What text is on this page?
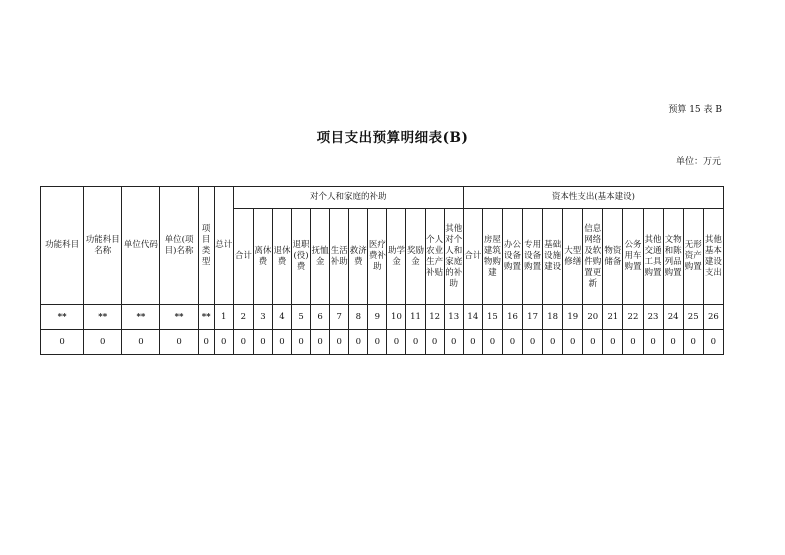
预算 15 表 B
项目支出预算明细表(B)
单位：万元
功能科目	功能科目名称	单位代码	单位(项目)名称	项目类型	总计	对个人和家庭的补助												资本性支出(基本建设)												
						合计	离休费	退休费	退职(役)费	抚恤金	生活补助	救济费	医疗费补助	助学金	奖励金	个人农业生产补贴	其他对个人和家庭的补助	合计	房屋建筑物购建	办公设备购置	专用设备购置	基础设施建设	大型修缮	信息网络及软件购置更新	物资储备	公务用车购置	其他交通工具购置	文物和陈列品购置	无形资产购置	其他基本建设支出
**	**	**	**	**	1	2	3	4	5	6	7	8	9	10	11	12	13	14	15	16	17	18	19	20	21	22	23	24	25	26
0	0	0	0	0	0	0	0	0	0	0	0	0	0	0	0	0	0	0	0	0	0	0	0	0	0	0	0	0	0	0
